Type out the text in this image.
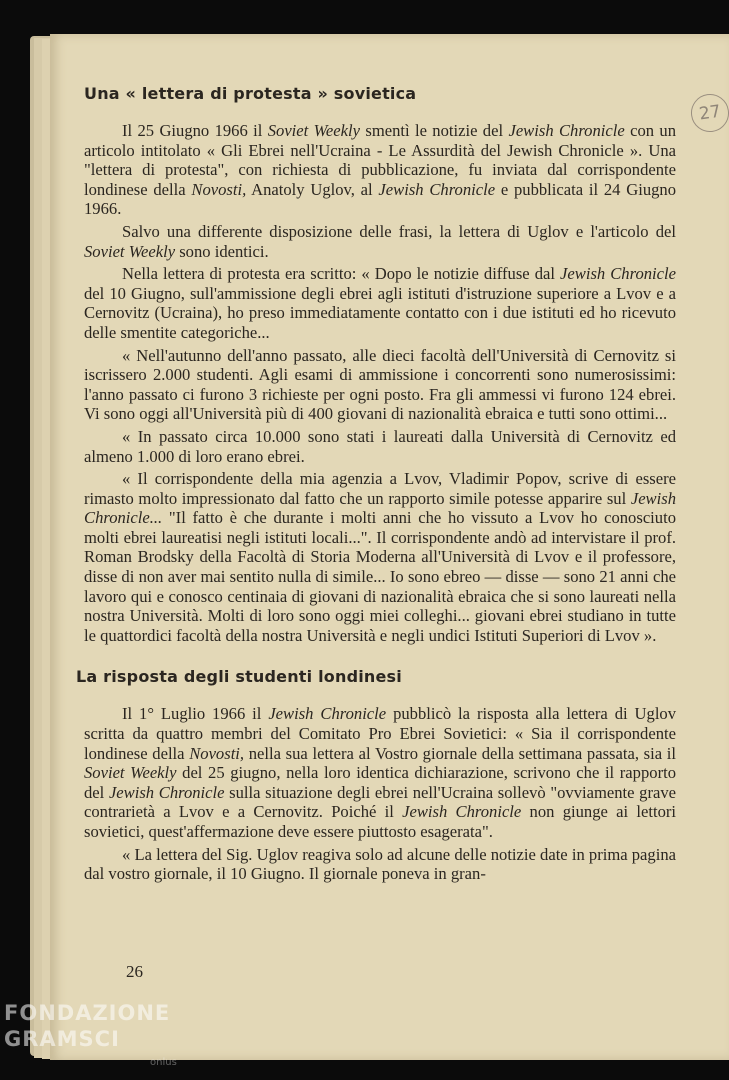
27
Una « lettera di protesta » sovietica

Il 25 Giugno 1966 il Soviet Weekly smentì le notizie del Jewish Chronicle con un articolo intitolato « Gli Ebrei nell'Ucraina - Le Assurdità del Jewish Chronicle ». Una "lettera di protesta", con richiesta di pubblicazione, fu inviata dal corrispondente londinese della Novosti, Anatoly Uglov, al Jewish Chronicle e pubblicata il 24 Giugno 1966.

Salvo una differente disposizione delle frasi, la lettera di Uglov e l'articolo del Soviet Weekly sono identici.

Nella lettera di protesta era scritto: « Dopo le notizie diffuse dal Jewish Chronicle del 10 Giugno, sull'ammissione degli ebrei agli istituti d'istruzione superiore a Lvov e a Cernovitz (Ucraina), ho preso immediatamente contatto con i due istituti ed ho ricevuto delle smentite categoriche...

« Nell'autunno dell'anno passato, alle dieci facoltà dell'Università di Cernovitz si iscrissero 2.000 studenti. Agli esami di ammissione i concorrenti sono numerosissimi: l'anno passato ci furono 3 richieste per ogni posto. Fra gli ammessi vi furono 124 ebrei. Vi sono oggi all'Università più di 400 giovani di nazionalità ebraica e tutti sono ottimi...

« In passato circa 10.000 sono stati i laureati dalla Università di Cernovitz ed almeno 1.000 di loro erano ebrei.

« Il corrispondente della mia agenzia a Lvov, Vladimir Popov, scrive di essere rimasto molto impressionato dal fatto che un rapporto simile potesse apparire sul Jewish Chronicle... "Il fatto è che durante i molti anni che ho vissuto a Lvov ho conosciuto molti ebrei laureatisi negli istituti locali...". Il corrispondente andò ad intervistare il prof. Roman Brodsky della Facoltà di Storia Moderna all'Università di Lvov e il professore, disse di non aver mai sentito nulla di simile... Io sono ebreo — disse — sono 21 anni che lavoro qui e conosco centinaia di giovani di nazionalità ebraica che si sono laureati nella nostra Università. Molti di loro sono oggi miei colleghi... giovani ebrei studiano in tutte le quattordici facoltà della nostra Università e negli undici Istituti Superiori di Lvov ».

La risposta degli studenti londinesi

Il 1° Luglio 1966 il Jewish Chronicle pubblicò la risposta alla lettera di Uglov scritta da quattro membri del Comitato Pro Ebrei Sovietici: « Sia il corrispondente londinese della Novosti, nella sua lettera al Vostro giornale della settimana passata, sia il Soviet Weekly del 25 giugno, nella loro identica dichiarazione, scrivono che il rapporto del Jewish Chronicle sulla situazione degli ebrei nell'Ucraina sollevò "ovviamente grave contrarietà a Lvov e a Cernovitz. Poiché il Jewish Chronicle non giunge ai lettori sovietici, quest'affermazione deve essere piuttosto esagerata".

« La lettera del Sig. Uglov reagiva solo ad alcune delle notizie date in prima pagina dal vostro giornale, il 10 Giugno. Il giornale poneva in gran-

26
FONDAZIONE
GRAMSCI
onlus
